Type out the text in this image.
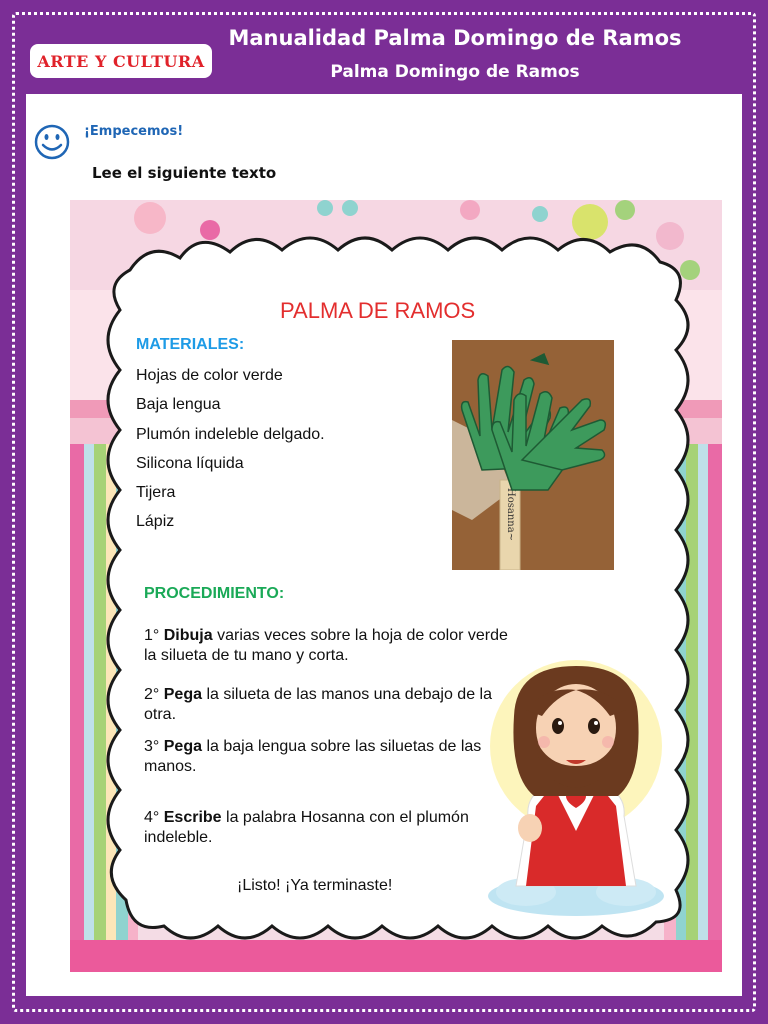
ARTE Y CULTURA
Manualidad Palma Domingo de Ramos
Palma Domingo de Ramos
¡Empecemos!
Lee el siguiente texto
PALMA DE RAMOS
MATERIALES:
Hojas de color verde
Baja lengua
Plumón indeleble delgado.
Silicona líquida
Tijera
Lápiz	Hosanna~
PROCEDIMIENTO:
1° Dibuja varias veces sobre la hoja de color verde la silueta de tu mano y corta.
2° Pega la silueta de las manos una debajo de la otra.
3° Pega la baja lengua sobre las siluetas de las manos.
4° Escribe la palabra Hosanna con el plumón indeleble.
¡Listo! ¡Ya terminaste!
